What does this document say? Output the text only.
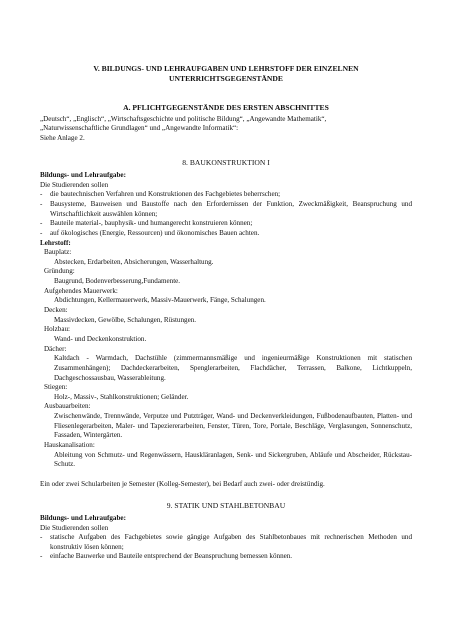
V. BILDUNGS- UND LEHRAUFGABEN UND LEHRSTOFF DER EINZELNEN
UNTERRICHTSGEGENSTÄNDE

A. PFLICHTGEGENSTÄNDE DES ERSTEN ABSCHNITTES

„Deutsch“, „Englisch“, „Wirtschaftsgeschichte und politische Bildung“, „Angewandte Mathematik“,

„Naturwissenschaftliche Grundlagen“ und „Angewandte Informatik“:

Siehe Anlage 2.

8. BAUKONSTRUKTION I

Bildungs- und Lehraufgabe:

Die Studierenden sollen

-	die bautechnischen Verfahren und Konstruktionen des Fachgebietes beherrschen;
-	Bausysteme, Bauweisen und Baustoffe nach den Erfordernissen der Funktion, Zweckmäßigkeit, Beanspruchung und Wirtschaftlichkeit auswählen können;
-	Bauteile material-, bauphysik- und humangerecht konstruieren können;
-	auf ökologisches (Energie, Ressourcen) und ökonomisches Bauen achten.

Lehrstoff:

Bauplatz:

Abstecken, Erdarbeiten, Absicherungen, Wasserhaltung.

Gründung:

Baugrund, Bodenverbesserung,Fundamente.

Aufgehendes Mauerwerk:

Abdichtungen, Kellermauerwerk, Massiv-Mauerwerk, Fänge, Schalungen.

Decken:

Massivdecken, Gewölbe, Schalungen, Rüstungen.

Holzbau:

Wand- und Deckenkonstruktion.

Dächer:

Kaltdach - Warmdach, Dachstühle (zimmermannsmäßige und ingenieurmäßige Konstruktionen mit statischen Zusammenhängen); Dachdeckerarbeiten, Spenglerarbeiten, Flachdächer, Terrassen, Balkone, Lichtkuppeln, Dachgeschossausbau, Wasserableitung.

Stiegen:

Holz-, Massiv-, Stahlkonstruktionen; Geländer.

Ausbauarbeiten:

Zwischenwände, Trennwände, Verputze und Putzträger, Wand- und Deckenverkleidungen, Fußbodenaufbauten, Platten- und Fliesenlegerarbeiten, Maler- und Tapeziererarbeiten, Fenster, Türen, Tore, Portale, Beschläge, Verglasungen, Sonnenschutz, Fassaden, Wintergärten.

Hauskanalisation:

Ableitung von Schmutz- und Regenwässern, Hauskläranlagen, Senk- und Sickergruben, Abläufe und Abscheider, Rückstau-Schutz.

Ein oder zwei Schularbeiten je Semester (Kolleg-Semester), bei Bedarf auch zwei- oder dreistündig.

9. STATIK UND STAHLBETONBAU

Bildungs- und Lehraufgabe:

Die Studierenden sollen

-	statische Aufgaben des Fachgebietes sowie gängige Aufgaben des Stahlbetonbaues mit rechnerischen Methoden und konstruktiv lösen können;
-	einfache Bauwerke und Bauteile entsprechend der Beanspruchung bemessen können.
